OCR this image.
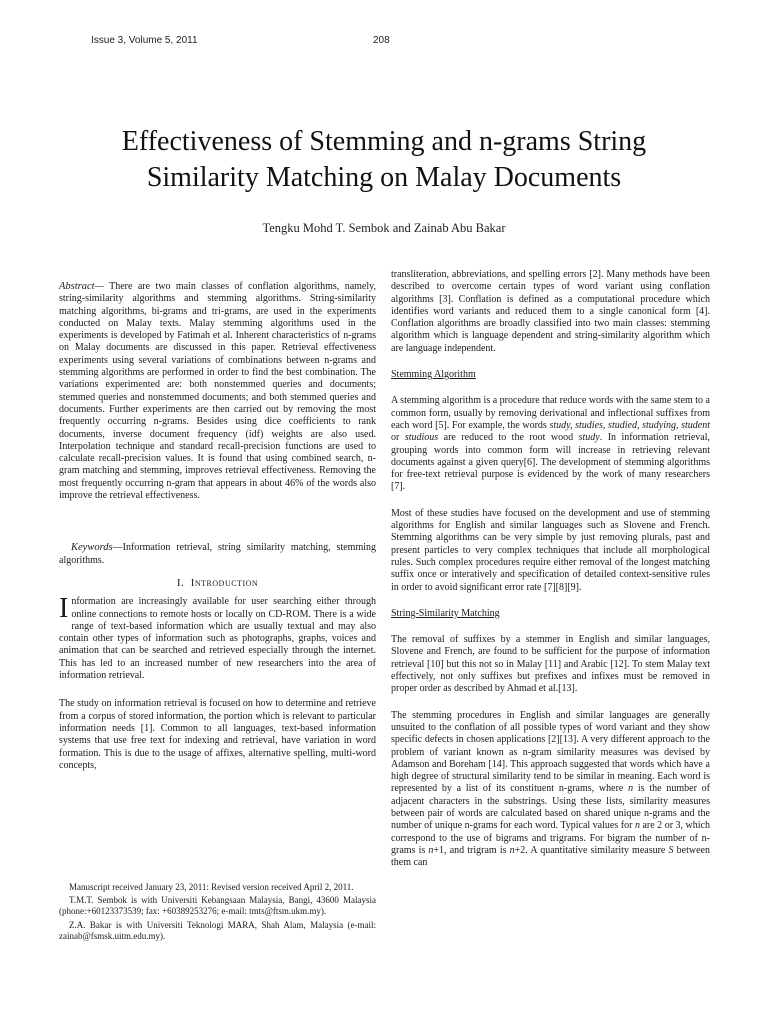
Issue 3, Volume 5, 2011	208
Effectiveness of Stemming and n-grams String
Similarity Matching on Malay Documents
Tengku Mohd T. Sembok and Zainab Abu Bakar

Abstract— There are two main classes of conflation algorithms, namely, string-similarity algorithms and stemming algorithms. String-similarity matching algorithms, bi-grams and tri-grams, are used in the experiments conducted on Malay texts. Malay stemming algorithms used in the experiments is developed by Fatimah et al. Inherent characteristics of n-grams on Malay documents are discussed in this paper. Retrieval effectiveness experiments using several variations of combinations between n-grams and stemming algorithms are performed in order to find the best combination. The variations experimented are: both nonstemmed queries and documents; stemmed queries and nonstemmed documents; and both stemmed queries and documents. Further experiments are then carried out by removing the most frequently occurring n-grams. Besides using dice coefficients to rank documents, inverse document frequency (idf) weights are also used. Interpolation technique and standard recall-precision functions are used to calculate recall-precision values. It is found that using combined search, n-gram matching and stemming, improves retrieval effectiveness. Removing the most frequently occurring n-gram that appears in about 46% of the words also improve the retrieval effectiveness.

Keywords—Information retrieval, string similarity matching, stemming algorithms.

I. Introduction

Information are increasingly available for user searching either through online connections to remote hosts or locally on CD-ROM. There is a wide range of text-based information which are usually textual and may also contain other types of information such as photographs, graphs, voices and animation that can be searched and retrieved especially through the internet. This has led to an increased number of new researchers into the area of information retrieval.

The study on information retrieval is focused on how to determine and retrieve from a corpus of stored information, the portion which is relevant to particular information needs [1]. Common to all languages, text-based information systems that use free text for indexing and retrieval, have variation in word formation. This is due to the usage of affixes, alternative spelling, multi-word concepts,

Manuscript received January 23, 2011: Revised version received April 2, 2011.

T.M.T. Sembok is with Universiti Kebangsaan Malaysia, Bangi, 43600 Malaysia (phone:+60123373539; fax: +60389253276; e-mail: tmts@ftsm.ukm.my).

Z.A. Bakar is with Universiti Teknologi MARA, Shah Alam, Malaysia (e-mail: zainab@fsmsk.uitm.edu.my).

transliteration, abbreviations, and spelling errors [2]. Many methods have been described to overcome certain types of word variant using conflation algorithms [3]. Conflation is defined as a computational procedure which identifies word variants and reduced them to a single canonical form [4]. Conflation algorithms are broadly classified into two main classes: stemming algorithm which is language dependent and string-similarity algorithm which are language independent.

Stemming Algorithm

A stemming algorithm is a procedure that reduce words with the same stem to a common form, usually by removing derivational and inflectional suffixes from each word [5]. For example, the words study, studies, studied, studying, student or studious are reduced to the root wood study. In information retrieval, grouping words into common form will increase in retrieving relevant documents against a given query[6]. The development of stemming algorithms for free-text retrieval purpose is evidenced by the work of many researchers [7].

Most of these studies have focused on the development and use of stemming algorithms for English and similar languages such as Slovene and French. Stemming algorithms can be very simple by just removing plurals, past and present particles to very complex techniques that include all morphological rules. Such complex procedures require either removal of the longest matching suffix once or interatively and specification of detailed context-sensitive rules in order to avoid significant error rate [7][8][9].

String-Similarity Matching

The removal of suffixes by a stemmer in English and similar languages, Slovene and French, are found to be sufficient for the purpose of information retrieval [10] but this not so in Malay [11] and Arabic [12]. To stem Malay text effectively, not only suffixes but prefixes and infixes must be removed in proper order as described by Ahmad et al.[13].

The stemming procedures in English and similar languages are generally unsuited to the conflation of all possible types of word variant and they show specific defects in chosen applications [2][13]. A very different approach to the problem of variant known as n-gram similarity measures was devised by Adamson and Boreham [14]. This approach suggested that words which have a high degree of structural similarity tend to be similar in meaning. Each word is represented by a list of its constituent n-grams, where n is the number of adjacent characters in the substrings. Using these lists, similarity measures between pair of words are calculated based on shared unique n-grams and the number of unique n-grams for each word. Typical values for n are 2 or 3, which correspond to the use of bigrams and trigrams. For bigram the number of n-grams is n+1, and trigram is n+2. A quantitative similarity measure S between them can
